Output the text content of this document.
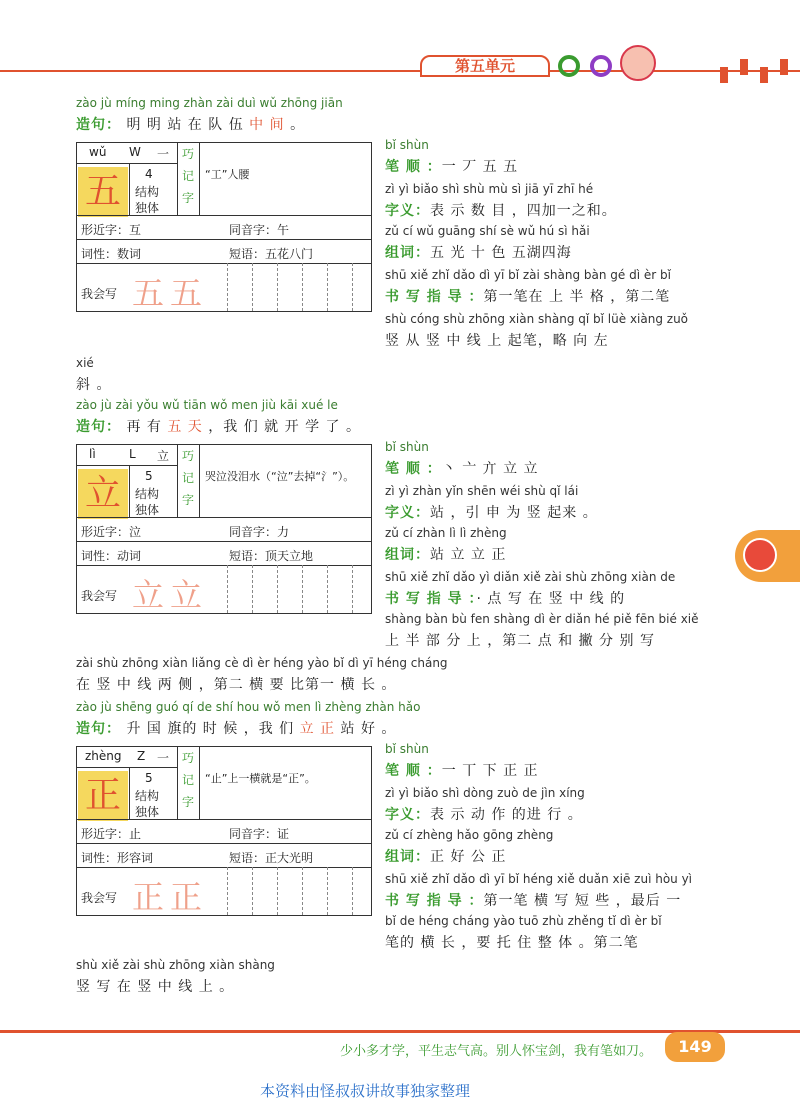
第五单元
zào jù míng ming zhàn zài duì wǔ zhōng jiān
造句： 明 明 站 在 队 伍 中 间 。
wǔ W 一
五	4
结构
独体
巧记字
“工”人腰
形近字：互	同音字：午
词性：数词	短语：五花八门
我会写 五五
bǐ shùn
笔 顺 ：一 丆 五 五
zì yì biǎo shì shù mù sì jiā yī zhī hé
字义：表 示 数 目 ，四加一之和。
zǔ cí wǔ guāng shí sè wǔ hú sì hǎi
组词：五 光 十 色 五湖四海
shū xiě zhǐ dǎo dì yī bǐ zài shàng bàn gé dì èr bǐ
书 写 指 导 ：第一笔在 上 半 格 ，第二笔
shù cóng shù zhōng xiàn shàng qǐ bǐ lüè xiàng zuǒ
竖 从 竖 中 线 上 起笔，略 向 左
xié
斜 。
zào jù zài yǒu wǔ tiān wǒ men jiù kāi xué le
造句： 再 有 五 天 ，我 们 就 开 学 了 。
lì	L 立
立	5
结构
独体
巧记字
哭泣没泪水（“泣”去掉“氵”）。
形近字：泣	同音字：力
词性：动词	短语：顶天立地
我会写 立立
bǐ shùn
笔 顺 ：丶 亠 亣 立 立
zì yì zhàn yǐn shēn wéi shù qǐ lái
字义：站 ，引 申 为 竖 起来 。
zǔ cí zhàn lì lì zhèng
组词：站 立 立 正
shū xiě zhǐ dǎo yì diǎn xiě zài shù zhōng xiàn de
书 写 指 导 ：· 点 写 在 竖 中 线 的
shàng bàn bù fen shàng dì èr diǎn hé piě fēn bié xiě
上 半 部 分 上 ，第二 点 和 撇 分 别 写
zài shù zhōng xiàn liǎng cè dì èr héng yào bǐ dì yī héng cháng
在 竖 中 线 两 侧 ，第二 横 要 比第一 横 长 。
zào jù shēng guó qí de shí hou wǒ men lì zhèng zhàn hǎo
造句： 升 国 旗的 时 候 ，我 们 立 正 站 好 。
zhèng Z 一
正	5
结构
独体
巧记字
“止”上一横就是“正”。
形近字：止	同音字：证
词性：形容词	短语：正大光明
我会写 正正
bǐ shùn
笔 顺 ：一 丅 下 正 正
zì yì biǎo shì dòng zuò de jìn xíng
字义：表 示 动 作 的进 行 。
zǔ cí zhèng hǎo gōng zhèng
组词：正 好 公 正
shū xiě zhǐ dǎo dì yī bǐ héng xiě duǎn xiē zuì hòu yì
书 写 指 导 ：第一笔 横 写 短 些 ，最后 一
bǐ de héng cháng yào tuō zhù zhěng tǐ dì èr bǐ
笔的 横 长 ，要 托 住 整 体 。第二笔
shù xiě zài shù zhōng xiàn shàng
竖 写 在 竖 中 线 上 。
少小多才学，平生志气高。别人怀宝剑，我有笔如刀。	149
本资料由怪叔叔讲故事独家整理
